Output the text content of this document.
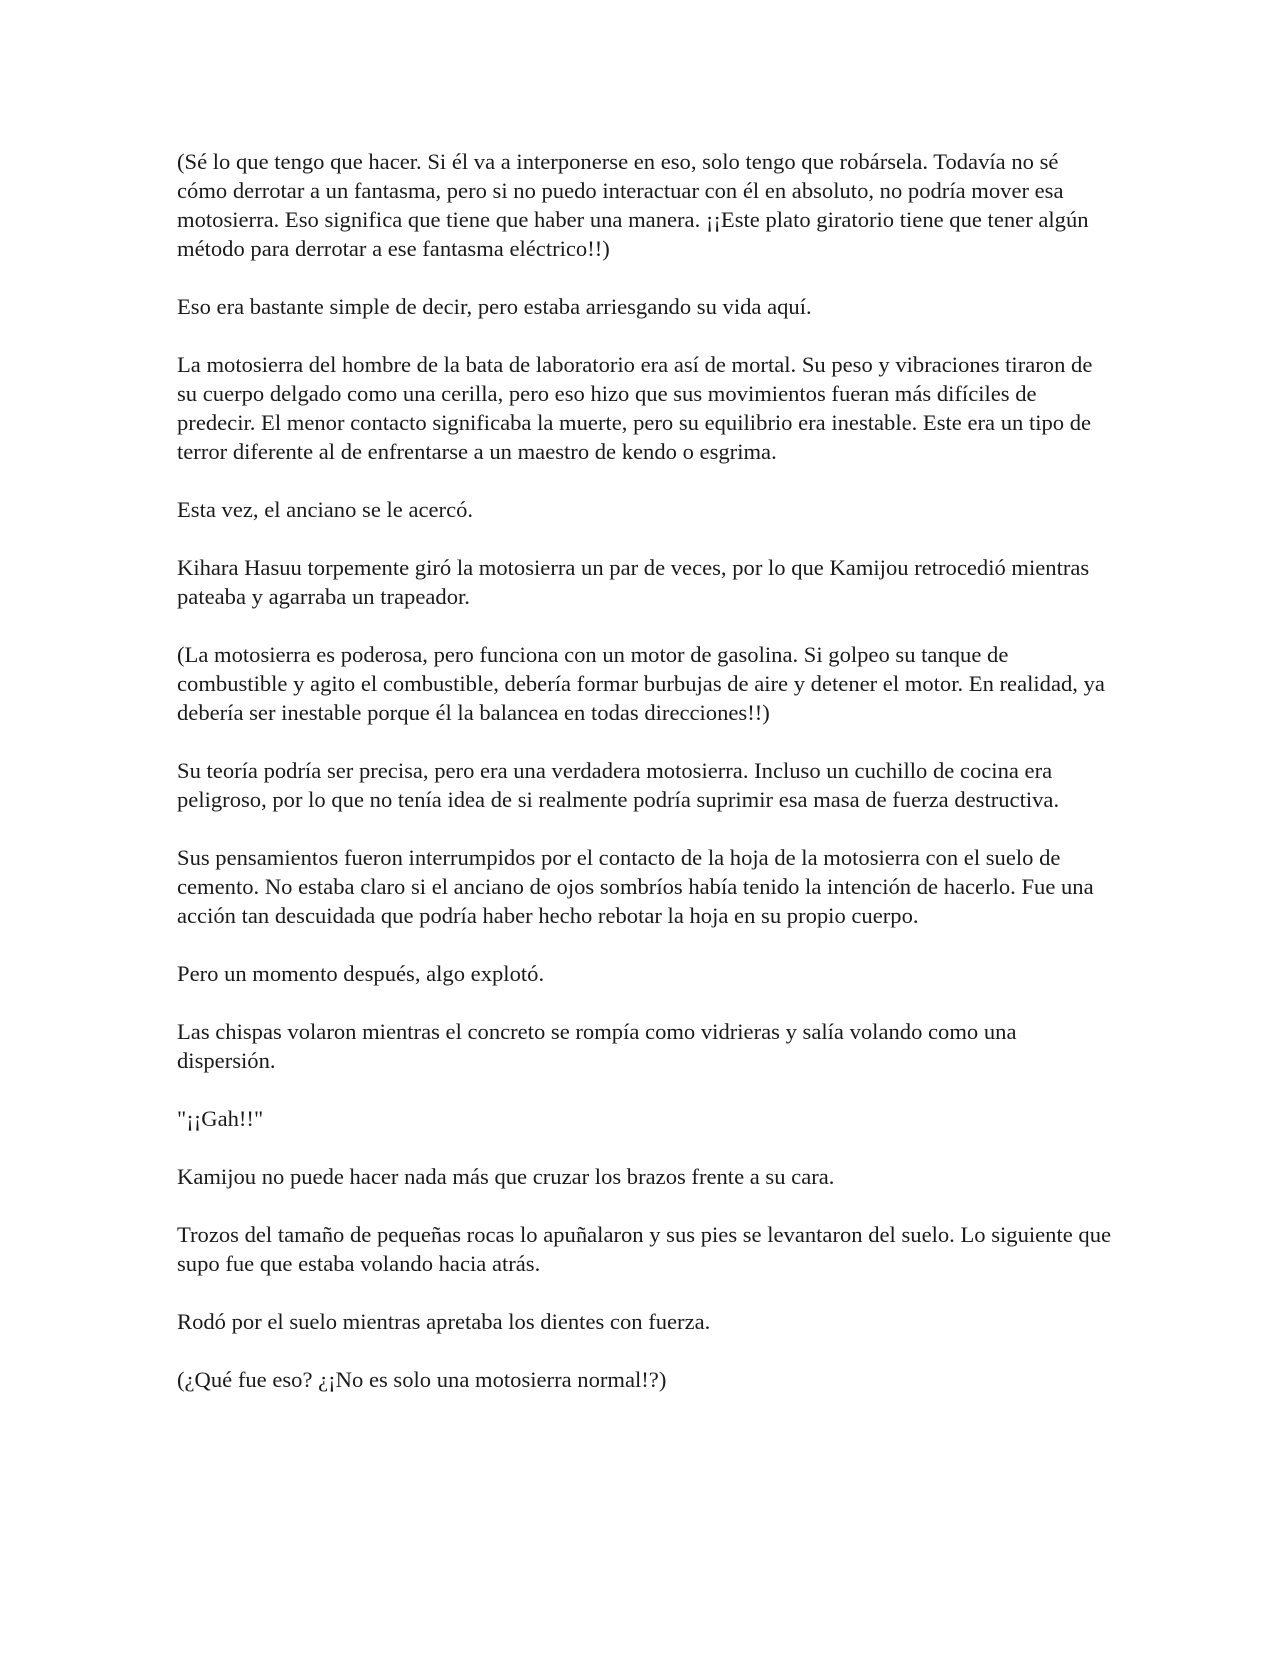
(Sé lo que tengo que hacer. Si él va a interponerse en eso, solo tengo que robársela. Todavía no sé cómo derrotar a un fantasma, pero si no puedo interactuar con él en absoluto, no podría mover esa motosierra. Eso significa que tiene que haber una manera. ¡¡Este plato giratorio tiene que tener algún método para derrotar a ese fantasma eléctrico!!)

Eso era bastante simple de decir, pero estaba arriesgando su vida aquí.

La motosierra del hombre de la bata de laboratorio era así de mortal. Su peso y vibraciones tiraron de su cuerpo delgado como una cerilla, pero eso hizo que sus movimientos fueran más difíciles de predecir. El menor contacto significaba la muerte, pero su equilibrio era inestable. Este era un tipo de terror diferente al de enfrentarse a un maestro de kendo o esgrima.

Esta vez, el anciano se le acercó.

Kihara Hasuu torpemente giró la motosierra un par de veces, por lo que Kamijou retrocedió mientras pateaba y agarraba un trapeador.

(La motosierra es poderosa, pero funciona con un motor de gasolina. Si golpeo su tanque de combustible y agito el combustible, debería formar burbujas de aire y detener el motor. En realidad, ya debería ser inestable porque él la balancea en todas direcciones!!)

Su teoría podría ser precisa, pero era una verdadera motosierra. Incluso un cuchillo de cocina era peligroso, por lo que no tenía idea de si realmente podría suprimir esa masa de fuerza destructiva.

Sus pensamientos fueron interrumpidos por el contacto de la hoja de la motosierra con el suelo de cemento. No estaba claro si el anciano de ojos sombríos había tenido la intención de hacerlo. Fue una acción tan descuidada que podría haber hecho rebotar la hoja en su propio cuerpo.

Pero un momento después, algo explotó.

Las chispas volaron mientras el concreto se rompía como vidrieras y salía volando como una dispersión.

"¡¡Gah!!"

Kamijou no puede hacer nada más que cruzar los brazos frente a su cara.

Trozos del tamaño de pequeñas rocas lo apuñalaron y sus pies se levantaron del suelo. Lo siguiente que supo fue que estaba volando hacia atrás.

Rodó por el suelo mientras apretaba los dientes con fuerza.

(¿Qué fue eso? ¿¡No es solo una motosierra normal!?)
